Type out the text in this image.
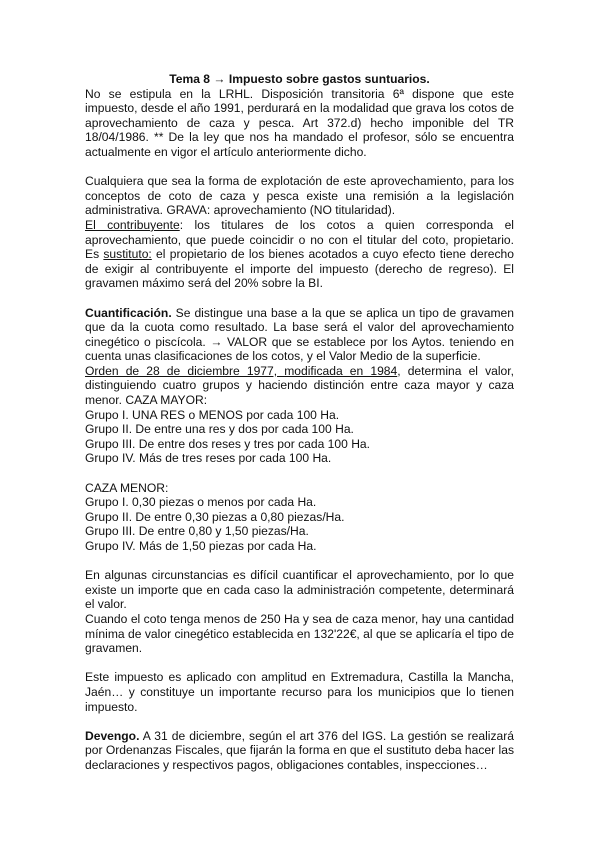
Tema 8 → Impuesto sobre gastos suntuarios.

No se estipula en la LRHL. Disposición transitoria 6ª dispone que este impuesto, desde el año 1991, perdurará en la modalidad que grava los cotos de aprovechamiento de caza y pesca. Art 372.d) hecho imponible del TR 18/04/1986. ** De la ley que nos ha mandado el profesor, sólo se encuentra actualmente en vigor el artículo anteriormente dicho.

Cualquiera que sea la forma de explotación de este aprovechamiento, para los conceptos de coto de caza y pesca existe una remisión a la legislación administrativa. GRAVA: aprovechamiento (NO titularidad).

El contribuyente: los titulares de los cotos a quien corresponda el aprovechamiento, que puede coincidir o no con el titular del coto, propietario. Es sustituto: el propietario de los bienes acotados a cuyo efecto tiene derecho de exigir al contribuyente el importe del impuesto (derecho de regreso). El gravamen máximo será del 20% sobre la BI.

Cuantificación. Se distingue una base a la que se aplica un tipo de gravamen que da la cuota como resultado. La base será el valor del aprovechamiento cinegético o piscícola. → VALOR que se establece por los Aytos. teniendo en cuenta unas clasificaciones de los cotos, y el Valor Medio de la superficie.

Orden de 28 de diciembre 1977, modificada en 1984, determina el valor, distinguiendo cuatro grupos y haciendo distinción entre caza mayor y caza menor. CAZA MAYOR:

Grupo I. UNA RES o MENOS por cada 100 Ha.

Grupo II. De entre una res y dos por cada 100 Ha.

Grupo III. De entre dos reses y tres por cada 100 Ha.

Grupo IV. Más de tres reses por cada 100 Ha.

CAZA MENOR:

Grupo I. 0,30 piezas o menos por cada Ha.

Grupo II. De entre 0,30 piezas a 0,80 piezas/Ha.

Grupo III. De entre 0,80 y 1,50 piezas/Ha.

Grupo IV. Más de 1,50 piezas por cada Ha.

En algunas circunstancias es difícil cuantificar el aprovechamiento, por lo que existe un importe que en cada caso la administración competente, determinará el valor.

Cuando el coto tenga menos de 250 Ha y sea de caza menor, hay una cantidad mínima de valor cinegético establecida en 132'22€, al que se aplicaría el tipo de gravamen.

Este impuesto es aplicado con amplitud en Extremadura, Castilla la Mancha, Jaén… y constituye un importante recurso para los municipios que lo tienen impuesto.

Devengo. A 31 de diciembre, según el art 376 del IGS. La gestión se realizará por Ordenanzas Fiscales, que fijarán la forma en que el sustituto deba hacer las declaraciones y respectivos pagos, obligaciones contables, inspecciones…
